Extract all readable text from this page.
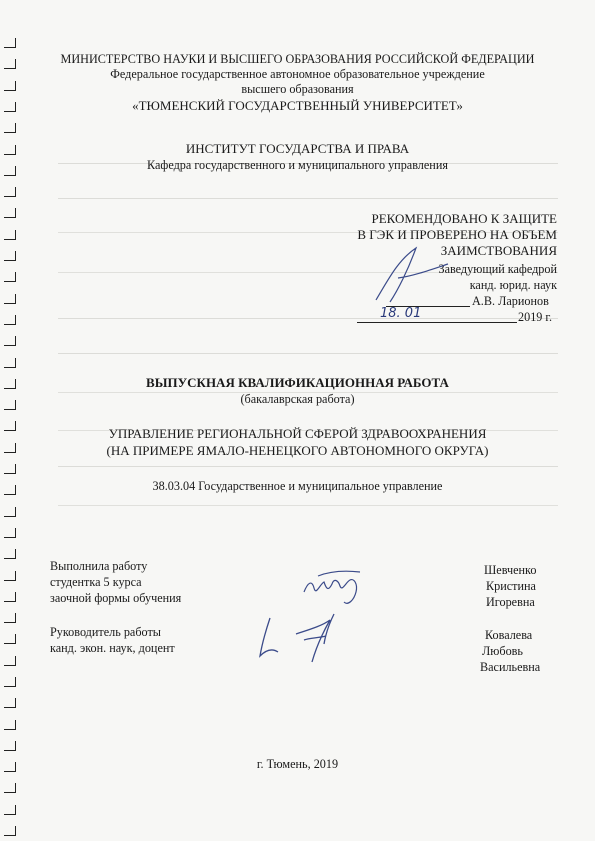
МИНИСТЕРСТВО НАУКИ И ВЫСШЕГО ОБРАЗОВАНИЯ РОССИЙСКОЙ ФЕДЕРАЦИИ
Федеральное государственное автономное образовательное учреждение
высшего образования
«ТЮМЕНСКИЙ ГОСУДАРСТВЕННЫЙ УНИВЕРСИТЕТ»
ИНСТИТУТ ГОСУДАРСТВА И ПРАВА
Кафедра государственного и муниципального управления
РЕКОМЕНДОВАНО К ЗАЩИТЕ
В ГЭК И ПРОВЕРЕНО НА ОБЪЕМ
ЗАИМСТВОВАНИЯ
Заведующий кафедрой
канд. юрид. наук
А.В. Ларионов
18. 01	2019 г.
ВЫПУСКНАЯ КВАЛИФИКАЦИОННАЯ РАБОТА
(бакалаврская работа)
УПРАВЛЕНИЕ РЕГИОНАЛЬНОЙ СФЕРОЙ ЗДРАВООХРАНЕНИЯ
(НА ПРИМЕРЕ ЯМАЛО-НЕНЕЦКОГО АВТОНОМНОГО ОКРУГА)
38.03.04 Государственное и муниципальное управление
Выполнила работу
студентка 5 курса
заочной формы обучения
Шевченко
Кристина
Игоревна
Руководитель работы
канд. экон. наук, доцент
Ковалева
Любовь
Васильевна
г. Тюмень, 2019
